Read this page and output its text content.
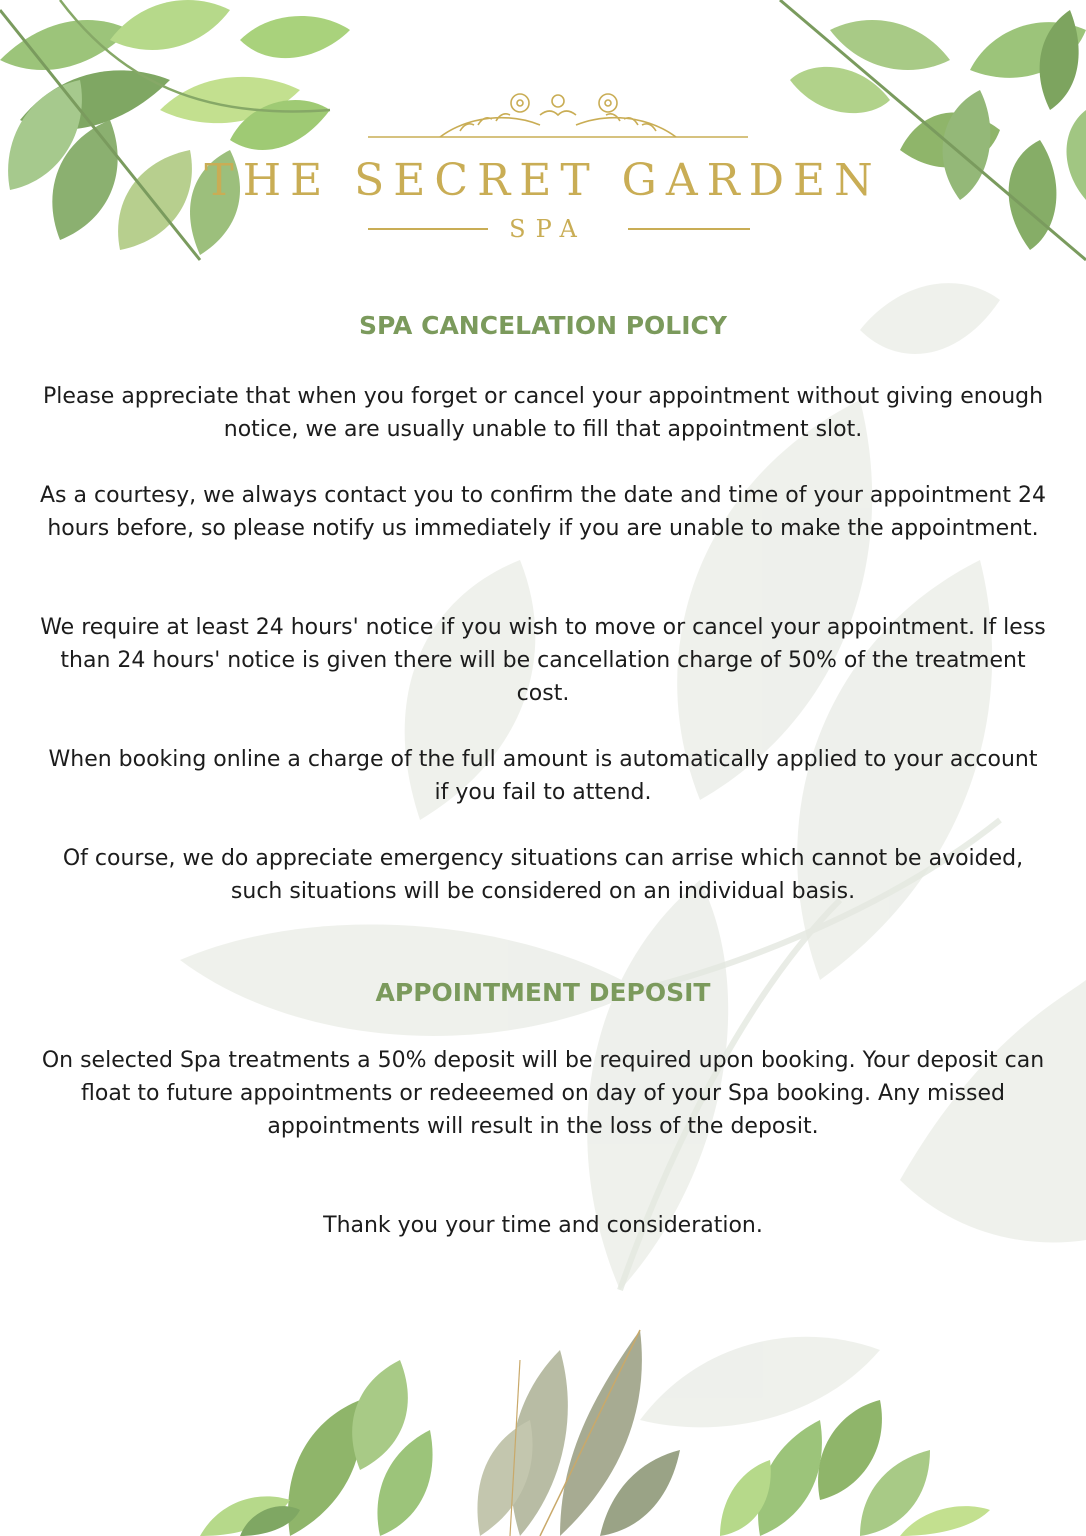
THE SECRET GARDEN
SPA
SPA CANCELATION POLICY

Please appreciate that when you forget or cancel your appointment without giving enough notice, we are usually unable to fill that appointment slot.

As a courtesy, we always contact you to confirm the date and time of your appointment 24 hours before, so please notify us immediately if you are unable to make the appointment.

We require at least 24 hours' notice if you wish to move or cancel your appointment. If less than 24 hours' notice is given there will be cancellation charge of 50% of the treatment cost.

When booking online a charge of the full amount is automatically applied to your account if you fail to attend.

Of course, we do appreciate emergency situations can arrise which cannot be avoided, such situations will be considered on an individual basis.

APPOINTMENT DEPOSIT

On selected Spa treatments a 50% deposit will be required upon booking. Your deposit can float to future appointments or redeeemed on day of your Spa booking. Any missed appointments will result in the loss of the deposit.

Thank you your time and consideration.
